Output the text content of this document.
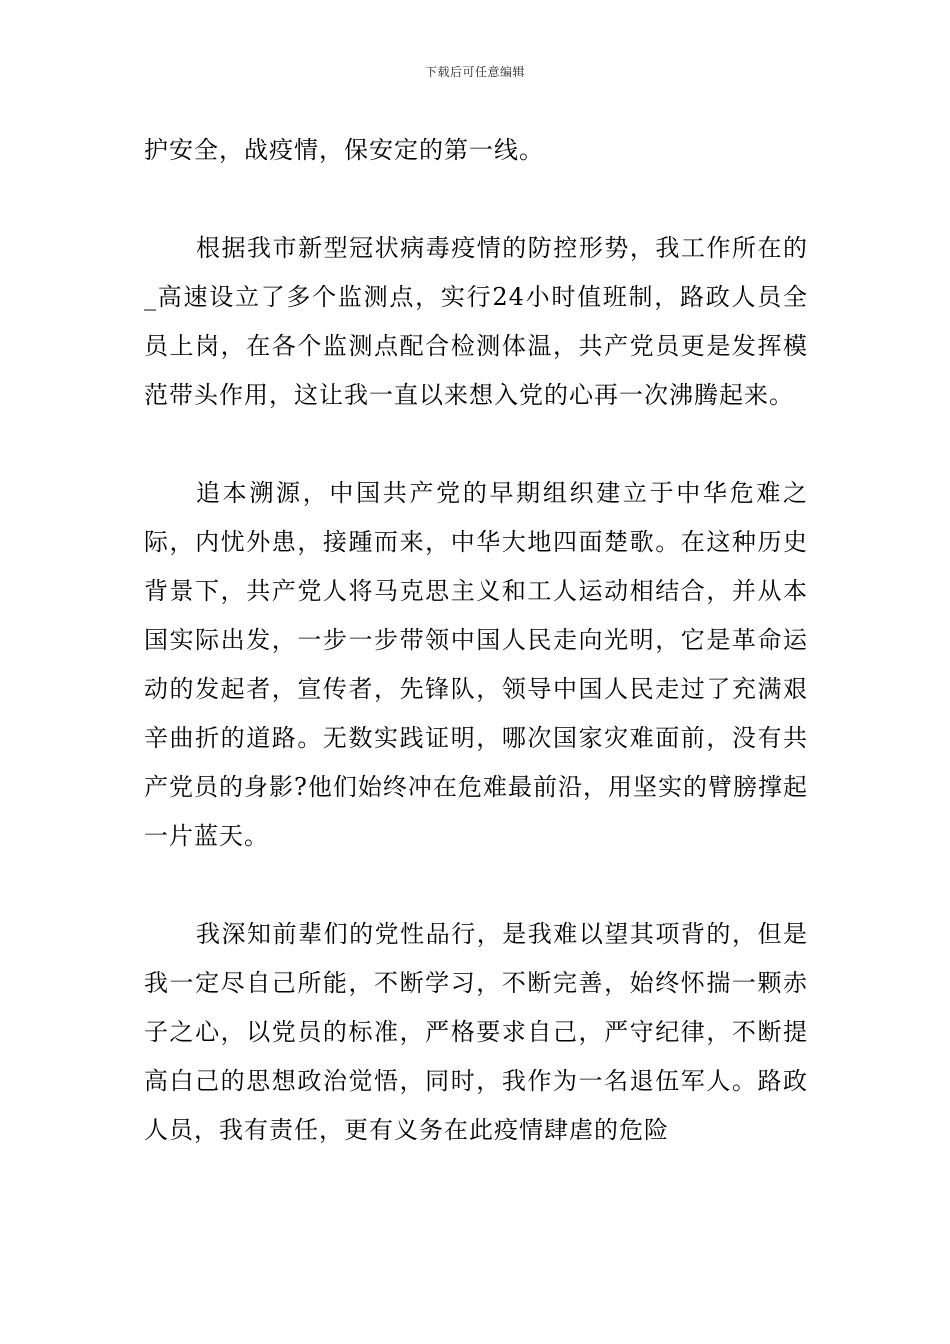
下载后可任意编辑

护安全，战疫情，保安定的第一线。

根据我市新型冠状病毒疫情的防控形势，我工作所在的_高速设立了多个监测点，实行24小时值班制，路政人员全员上岗，在各个监测点配合检测体温，共产党员更是发挥模范带头作用，这让我一直以来想入党的心再一次沸腾起来。

追本溯源，中国共产党的早期组织建立于中华危难之际，内忧外患，接踵而来，中华大地四面楚歌。在这种历史背景下，共产党人将马克思主义和工人运动相结合，并从本国实际出发，一步一步带领中国人民走向光明，它是革命运动的发起者，宣传者，先锋队，领导中国人民走过了充满艰辛曲折的道路。无数实践证明，哪次国家灾难面前，没有共产党员的身影?他们始终冲在危难最前沿，用坚实的臂膀撑起一片蓝天。

我深知前辈们的党性品行，是我难以望其项背的，但是我一定尽自己所能，不断学习，不断完善，始终怀揣一颗赤子之心，以党员的标准，严格要求自己，严守纪律，不断提高白己的思想政治觉悟，同时，我作为一名退伍军人。路政人员，我有责任，更有义务在此疫情肆虐的危险
